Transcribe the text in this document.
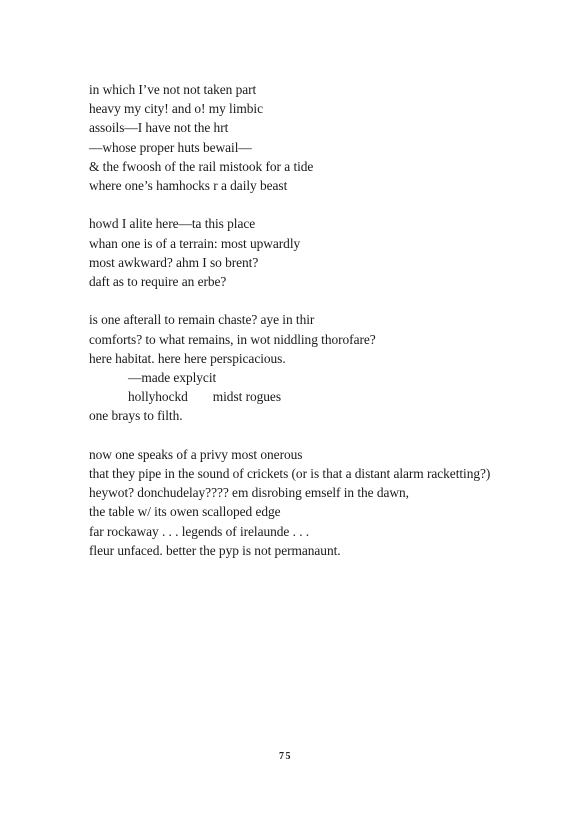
in which I’ve not not taken part
heavy my city! and o! my limbic
assoils—I have not the hrt
—whose proper huts bewail—
& the fwoosh of the rail mistook for a tide
where one’s hamhocks r a daily beast
howd I alite here—ta this place
whan one is of a terrain: most upwardly
most awkward? ahm I so brent?
daft as to require an erbe?
is one afterall to remain chaste? aye in thir
comforts? to what remains, in wot niddling thorofare?
here habitat. here here perspicacious.
—made explycit
hollyhockd midst rogues
one brays to filth.
now one speaks of a privy most onerous
that they pipe in the sound of crickets (or is that a distant alarm racketting?)
heywot? donchudelay???? em disrobing emself in the dawn,
the table w/ its owen scalloped edge
far rockaway . . . legends of irelaunde . . .
fleur unfaced. better the pyp is not permanaunt.
75
